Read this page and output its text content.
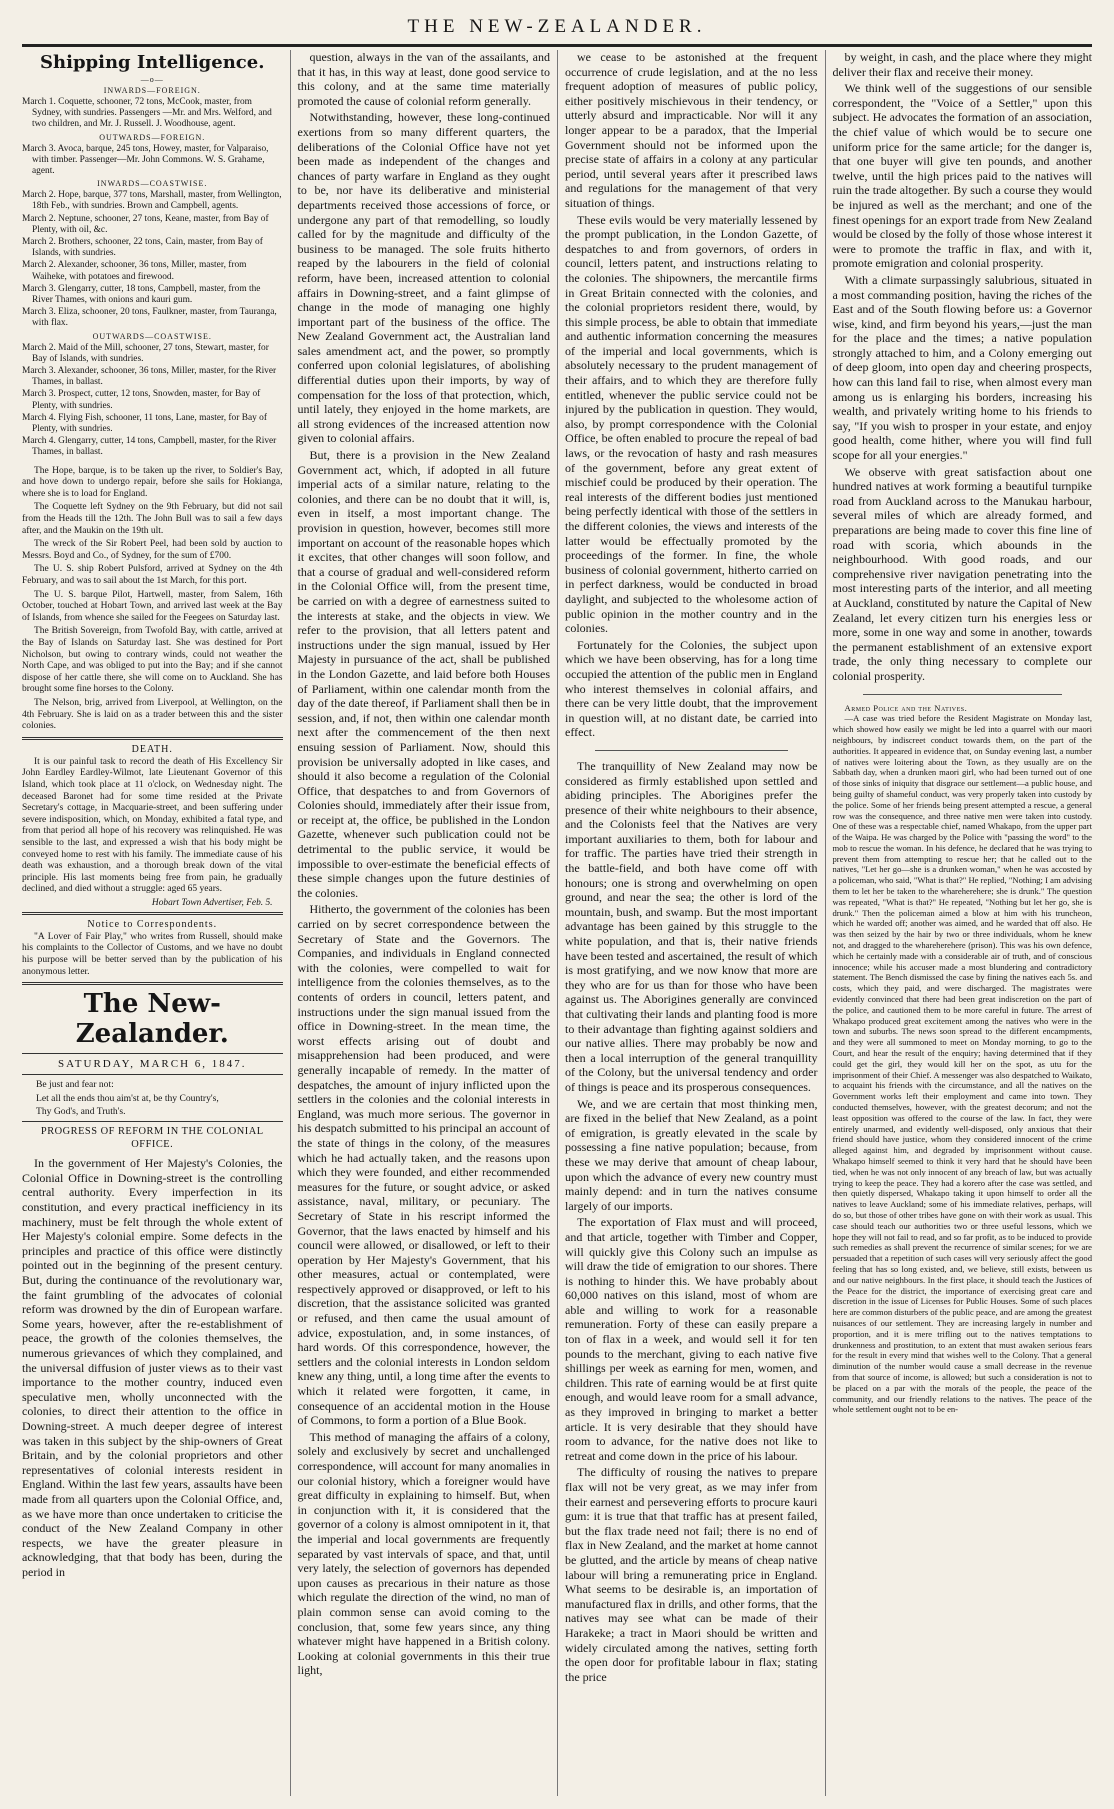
THE NEW-ZEALANDER.
Shipping Intelligence.
—o—
INWARDS—FOREIGN.
March 1. Coquette, schooner, 72 tons, McCook, master, from Sydney, with sundries. Passengers —Mr. and Mrs. Welford, and two children, and Mr. J. Russell. J. Woodhouse, agent.
OUTWARDS—FOREIGN.
March 3. Avoca, barque, 245 tons, Howey, master, for Valparaiso, with timber. Passenger—Mr. John Commons. W. S. Grahame, agent.
INWARDS—COASTWISE.
March 2. Hope, barque, 377 tons, Marshall, master, from Wellington, 18th Feb., with sundries. Brown and Campbell, agents.
March 2. Neptune, schooner, 27 tons, Keane, master, from Bay of Plenty, with oil, &c.
March 2. Brothers, schooner, 22 tons, Cain, master, from Bay of Islands, with sundries.
March 2. Alexander, schooner, 36 tons, Miller, master, from Waiheke, with potatoes and firewood.
March 3. Glengarry, cutter, 18 tons, Campbell, master, from the River Thames, with onions and kauri gum.
March 3. Eliza, schooner, 20 tons, Faulkner, master, from Tauranga, with flax.
OUTWARDS—COASTWISE.
March 2. Maid of the Mill, schooner, 27 tons, Stewart, master, for Bay of Islands, with sundries.
March 3. Alexander, schooner, 36 tons, Miller, master, for the River Thames, in ballast.
March 3. Prospect, cutter, 12 tons, Snowden, master, for Bay of Plenty, with sundries.
March 4. Flying Fish, schooner, 11 tons, Lane, master, for Bay of Plenty, with sundries.
March 4. Glengarry, cutter, 14 tons, Campbell, master, for the River Thames, in ballast.

The Hope, barque, is to be taken up the river, to Soldier's Bay, and hove down to undergo repair, before she sails for Hokianga, where she is to load for England.

The Coquette left Sydney on the 9th February, but did not sail from the Heads till the 12th. The John Bull was to sail a few days after, and the Maukin on the 19th ult.

The wreck of the Sir Robert Peel, had been sold by auction to Messrs. Boyd and Co., of Sydney, for the sum of £700.

The U. S. ship Robert Pulsford, arrived at Sydney on the 4th February, and was to sail about the 1st March, for this port.

The U. S. barque Pilot, Hartwell, master, from Salem, 16th October, touched at Hobart Town, and arrived last week at the Bay of Islands, from whence she sailed for the Feegees on Saturday last.

The British Sovereign, from Twofold Bay, with cattle, arrived at the Bay of Islands on Saturday last. She was destined for Port Nicholson, but owing to contrary winds, could not weather the North Cape, and was obliged to put into the Bay; and if she cannot dispose of her cattle there, she will come on to Auckland. She has brought some fine horses to the Colony.

The Nelson, brig, arrived from Liverpool, at Wellington, on the 4th February. She is laid on as a trader between this and the sister colonies.

DEATH.

It is our painful task to record the death of His Excellency Sir John Eardley Eardley-Wilmot, late Lieutenant Governor of this Island, which took place at 11 o'clock, on Wednesday night. The deceased Baronet had for some time resided at the Private Secretary's cottage, in Macquarie-street, and been suffering under severe indisposition, which, on Monday, exhibited a fatal type, and from that period all hope of his recovery was relinquished. He was sensible to the last, and expressed a wish that his body might be conveyed home to rest with his family. The immediate cause of his death was exhaustion, and a thorough break down of the vital principle. His last moments being free from pain, he gradually declined, and died without a struggle: aged 65 years.

Hobart Town Advertiser, Feb. 5.
Notice to Correspondents.

"A Lover of Fair Play," who writes from Russell, should make his complaints to the Collector of Customs, and we have no doubt his purpose will be better served than by the publication of his anonymous letter.

The New-Zealander.
SATURDAY, MARCH 6, 1847.
Be just and fear not:
Let all the ends thou aim'st at, be thy Country's,
Thy God's, and Truth's.
PROGRESS OF REFORM IN THE COLONIAL OFFICE.

In the government of Her Majesty's Colonies, the Colonial Office in Downing-street is the controlling central authority. Every imperfection in its constitution, and every practical inefficiency in its machinery, must be felt through the whole extent of Her Majesty's colonial empire. Some defects in the principles and practice of this office were distinctly pointed out in the beginning of the present century. But, during the continuance of the revolutionary war, the faint grumbling of the advocates of colonial reform was drowned by the din of European warfare. Some years, however, after the re-establishment of peace, the growth of the colonies themselves, the numerous grievances of which they complained, and the universal diffusion of juster views as to their vast importance to the mother country, induced even speculative men, wholly unconnected with the colonies, to direct their attention to the office in Downing-street. A much deeper degree of interest was taken in this subject by the ship-owners of Great Britain, and by the colonial proprietors and other representatives of colonial interests resident in England. Within the last few years, assaults have been made from all quarters upon the Colonial Office, and, as we have more than once undertaken to criticise the conduct of the New Zealand Company in other respects, we have the greater pleasure in acknowledging, that that body has been, during the period in

question, always in the van of the assailants, and that it has, in this way at least, done good service to this colony, and at the same time materially promoted the cause of colonial reform generally.

Notwithstanding, however, these long-continued exertions from so many different quarters, the deliberations of the Colonial Office have not yet been made as independent of the changes and chances of party warfare in England as they ought to be, nor have its deliberative and ministerial departments received those accessions of force, or undergone any part of that remodelling, so loudly called for by the magnitude and difficulty of the business to be managed. The sole fruits hitherto reaped by the labourers in the field of colonial reform, have been, increased attention to colonial affairs in Downing-street, and a faint glimpse of change in the mode of managing one highly important part of the business of the office. The New Zealand Government act, the Australian land sales amendment act, and the power, so promptly conferred upon colonial legislatures, of abolishing differential duties upon their imports, by way of compensation for the loss of that protection, which, until lately, they enjoyed in the home markets, are all strong evidences of the increased attention now given to colonial affairs.

But, there is a provision in the New Zealand Government act, which, if adopted in all future imperial acts of a similar nature, relating to the colonies, and there can be no doubt that it will, is, even in itself, a most important change. The provision in question, however, becomes still more important on account of the reasonable hopes which it excites, that other changes will soon follow, and that a course of gradual and well-considered reform in the Colonial Office will, from the present time, be carried on with a degree of earnestness suited to the interests at stake, and the objects in view. We refer to the provision, that all letters patent and instructions under the sign manual, issued by Her Majesty in pursuance of the act, shall be published in the London Gazette, and laid before both Houses of Parliament, within one calendar month from the day of the date thereof, if Parliament shall then be in session, and, if not, then within one calendar month next after the commencement of the then next ensuing session of Parliament. Now, should this provision be universally adopted in like cases, and should it also become a regulation of the Colonial Office, that despatches to and from Governors of Colonies should, immediately after their issue from, or receipt at, the office, be published in the London Gazette, whenever such publication could not be detrimental to the public service, it would be impossible to over-estimate the beneficial effects of these simple changes upon the future destinies of the colonies.

Hitherto, the government of the colonies has been carried on by secret correspondence between the Secretary of State and the Governors. The Companies, and individuals in England connected with the colonies, were compelled to wait for intelligence from the colonies themselves, as to the contents of orders in council, letters patent, and instructions under the sign manual issued from the office in Downing-street. In the mean time, the worst effects arising out of doubt and misapprehension had been produced, and were generally incapable of remedy. In the matter of despatches, the amount of injury inflicted upon the settlers in the colonies and the colonial interests in England, was much more serious. The governor in his despatch submitted to his principal an account of the state of things in the colony, of the measures which he had actually taken, and the reasons upon which they were founded, and either recommended measures for the future, or sought advice, or asked assistance, naval, military, or pecuniary. The Secretary of State in his rescript informed the Governor, that the laws enacted by himself and his council were allowed, or disallowed, or left to their operation by Her Majesty's Government, that his other measures, actual or contemplated, were respectively approved or disapproved, or left to his discretion, that the assistance solicited was granted or refused, and then came the usual amount of advice, expostulation, and, in some instances, of hard words. Of this correspondence, however, the settlers and the colonial interests in London seldom knew any thing, until, a long time after the events to which it related were forgotten, it came, in consequence of an accidental motion in the House of Commons, to form a portion of a Blue Book.

This method of managing the affairs of a colony, solely and exclusively by secret and unchallenged correspondence, will account for many anomalies in our colonial history, which a foreigner would have great difficulty in explaining to himself. But, when in conjunction with it, it is considered that the governor of a colony is almost omnipotent in it, that the imperial and local governments are frequently separated by vast intervals of space, and that, until very lately, the selection of governors has depended upon causes as precarious in their nature as those which regulate the direction of the wind, no man of plain common sense can avoid coming to the conclusion, that, some few years since, any thing whatever might have happened in a British colony. Looking at colonial governments in this their true light,

we cease to be astonished at the frequent occurrence of crude legislation, and at the no less frequent adoption of measures of public policy, either positively mischievous in their tendency, or utterly absurd and impracticable. Nor will it any longer appear to be a paradox, that the Imperial Government should not be informed upon the precise state of affairs in a colony at any particular period, until several years after it prescribed laws and regulations for the management of that very situation of things.

These evils would be very materially lessened by the prompt publication, in the London Gazette, of despatches to and from governors, of orders in council, letters patent, and instructions relating to the colonies. The shipowners, the mercantile firms in Great Britain connected with the colonies, and the colonial proprietors resident there, would, by this simple process, be able to obtain that immediate and authentic information concerning the measures of the imperial and local governments, which is absolutely necessary to the prudent management of their affairs, and to which they are therefore fully entitled, whenever the public service could not be injured by the publication in question. They would, also, by prompt correspondence with the Colonial Office, be often enabled to procure the repeal of bad laws, or the revocation of hasty and rash measures of the government, before any great extent of mischief could be produced by their operation. The real interests of the different bodies just mentioned being perfectly identical with those of the settlers in the different colonies, the views and interests of the latter would be effectually promoted by the proceedings of the former. In fine, the whole business of colonial government, hitherto carried on in perfect darkness, would be conducted in broad daylight, and subjected to the wholesome action of public opinion in the mother country and in the colonies.

Fortunately for the Colonies, the subject upon which we have been observing, has for a long time occupied the attention of the public men in England who interest themselves in colonial affairs, and there can be very little doubt, that the improvement in question will, at no distant date, be carried into effect.

The tranquillity of New Zealand may now be considered as firmly established upon settled and abiding principles. The Aborigines prefer the presence of their white neighbours to their absence, and the Colonists feel that the Natives are very important auxiliaries to them, both for labour and for traffic. The parties have tried their strength in the battle-field, and both have come off with honours; one is strong and overwhelming on open ground, and near the sea; the other is lord of the mountain, bush, and swamp. But the most important advantage has been gained by this struggle to the white population, and that is, their native friends have been tested and ascertained, the result of which is most gratifying, and we now know that more are they who are for us than for those who have been against us. The Aborigines generally are convinced that cultivating their lands and planting food is more to their advantage than fighting against soldiers and our native allies. There may probably be now and then a local interruption of the general tranquillity of the Colony, but the universal tendency and order of things is peace and its prosperous consequences.

We, and we are certain that most thinking men, are fixed in the belief that New Zealand, as a point of emigration, is greatly elevated in the scale by possessing a fine native population; because, from these we may derive that amount of cheap labour, upon which the advance of every new country must mainly depend: and in turn the natives consume largely of our imports.

The exportation of Flax must and will proceed, and that article, together with Timber and Copper, will quickly give this Colony such an impulse as will draw the tide of emigration to our shores. There is nothing to hinder this. We have probably about 60,000 natives on this island, most of whom are able and willing to work for a reasonable remuneration. Forty of these can easily prepare a ton of flax in a week, and would sell it for ten pounds to the merchant, giving to each native five shillings per week as earning for men, women, and children. This rate of earning would be at first quite enough, and would leave room for a small advance, as they improved in bringing to market a better article. It is very desirable that they should have room to advance, for the native does not like to retreat and come down in the price of his labour.

The difficulty of rousing the natives to prepare flax will not be very great, as we may infer from their earnest and persevering efforts to procure kauri gum: it is true that that traffic has at present failed, but the flax trade need not fail; there is no end of flax in New Zealand, and the market at home cannot be glutted, and the article by means of cheap native labour will bring a remunerating price in England. What seems to be desirable is, an importation of manufactured flax in drills, and other forms, that the natives may see what can be made of their Harakeke; a tract in Maori should be written and widely circulated among the natives, setting forth the open door for profitable labour in flax; stating the price

by weight, in cash, and the place where they might deliver their flax and receive their money.

We think well of the suggestions of our sensible correspondent, the "Voice of a Settler," upon this subject. He advocates the formation of an association, the chief value of which would be to secure one uniform price for the same article; for the danger is, that one buyer will give ten pounds, and another twelve, until the high prices paid to the natives will ruin the trade altogether. By such a course they would be injured as well as the merchant; and one of the finest openings for an export trade from New Zealand would be closed by the folly of those whose interest it were to promote the traffic in flax, and with it, promote emigration and colonial prosperity.

With a climate surpassingly salubrious, situated in a most commanding position, having the riches of the East and of the South flowing before us: a Governor wise, kind, and firm beyond his years,—just the man for the place and the times; a native population strongly attached to him, and a Colony emerging out of deep gloom, into open day and cheering prospects, how can this land fail to rise, when almost every man among us is enlarging his borders, increasing his wealth, and privately writing home to his friends to say, "If you wish to prosper in your estate, and enjoy good health, come hither, where you will find full scope for all your energies."

We observe with great satisfaction about one hundred natives at work forming a beautiful turnpike road from Auckland across to the Manukau harbour, several miles of which are already formed, and preparations are being made to cover this fine line of road with scoria, which abounds in the neighbourhood. With good roads, and our comprehensive river navigation penetrating into the most interesting parts of the interior, and all meeting at Auckland, constituted by nature the Capital of New Zealand, let every citizen turn his energies less or more, some in one way and some in another, towards the permanent establishment of an extensive export trade, the only thing necessary to complete our colonial prosperity.

Armed Police and the Natives.

—A case was tried before the Resident Magistrate on Monday last, which showed how easily we might be led into a quarrel with our maori neighbours, by indiscreet conduct towards them, on the part of the authorities. It appeared in evidence that, on Sunday evening last, a number of natives were loitering about the Town, as they usually are on the Sabbath day, when a drunken maori girl, who had been turned out of one of those sinks of iniquity that disgrace our settlement—a public house, and being guilty of shameful conduct, was very properly taken into custody by the police. Some of her friends being present attempted a rescue, a general row was the consequence, and three native men were taken into custody. One of these was a respectable chief, named Whakapo, from the upper part of the Waipa. He was charged by the Police with "passing the word" to the mob to rescue the woman. In his defence, he declared that he was trying to prevent them from attempting to rescue her; that he called out to the natives, "Let her go—she is a drunken woman," when he was accosted by a policeman, who said, "What is that?" He replied, "Nothing; I am advising them to let her be taken to the whareherehere; she is drunk." The question was repeated, "What is that?" He repeated, "Nothing but let her go, she is drunk." Then the policeman aimed a blow at him with his truncheon, which he warded off; another was aimed, and he warded that off also. He was then seized by the hair by two or three individuals, whom he knew not, and dragged to the whareherehere (prison). This was his own defence, which he certainly made with a considerable air of truth, and of conscious innocence; while his accuser made a most blundering and contradictory statement. The Bench dismissed the case by fining the natives each 5s. and costs, which they paid, and were discharged. The magistrates were evidently convinced that there had been great indiscretion on the part of the police, and cautioned them to be more careful in future. The arrest of Whakapo produced great excitement among the natives who were in the town and suburbs. The news soon spread to the different encampments, and they were all summoned to meet on Monday morning, to go to the Court, and hear the result of the enquiry; having determined that if they could get the girl, they would kill her on the spot, as utu for the imprisonment of their Chief. A messenger was also despatched to Waikato, to acquaint his friends with the circumstance, and all the natives on the Government works left their employment and came into town. They conducted themselves, however, with the greatest decorum; and not the least opposition was offered to the course of the law. In fact, they were entirely unarmed, and evidently well-disposed, only anxious that their friend should have justice, whom they considered innocent of the crime alleged against him, and degraded by imprisonment without cause. Whakapo himself seemed to think it very hard that he should have been tied, when he was not only innocent of any breach of law, but was actually trying to keep the peace. They had a korero after the case was settled, and then quietly dispersed, Whakapo taking it upon himself to order all the natives to leave Auckland; some of his immediate relatives, perhaps, will do so, but those of other tribes have gone on with their work as usual. This case should teach our authorities two or three useful lessons, which we hope they will not fail to read, and so far profit, as to be induced to provide such remedies as shall prevent the recurrence of similar scenes; for we are persuaded that a repetition of such cases will very seriously affect the good feeling that has so long existed, and, we believe, still exists, between us and our native neighbours. In the first place, it should teach the Justices of the Peace for the district, the importance of exercising great care and discretion in the issue of Licenses for Public Houses. Some of such places here are common disturbers of the public peace, and are among the greatest nuisances of our settlement. They are increasing largely in number and proportion, and it is mere trifling out to the natives temptations to drunkenness and prostitution, to an extent that must awaken serious fears for the result in every mind that wishes well to the Colony. That a general diminution of the number would cause a small decrease in the revenue from that source of income, is allowed; but such a consideration is not to be placed on a par with the morals of the people, the peace of the community, and our friendly relations to the natives. The peace of the whole settlement ought not to be en-
